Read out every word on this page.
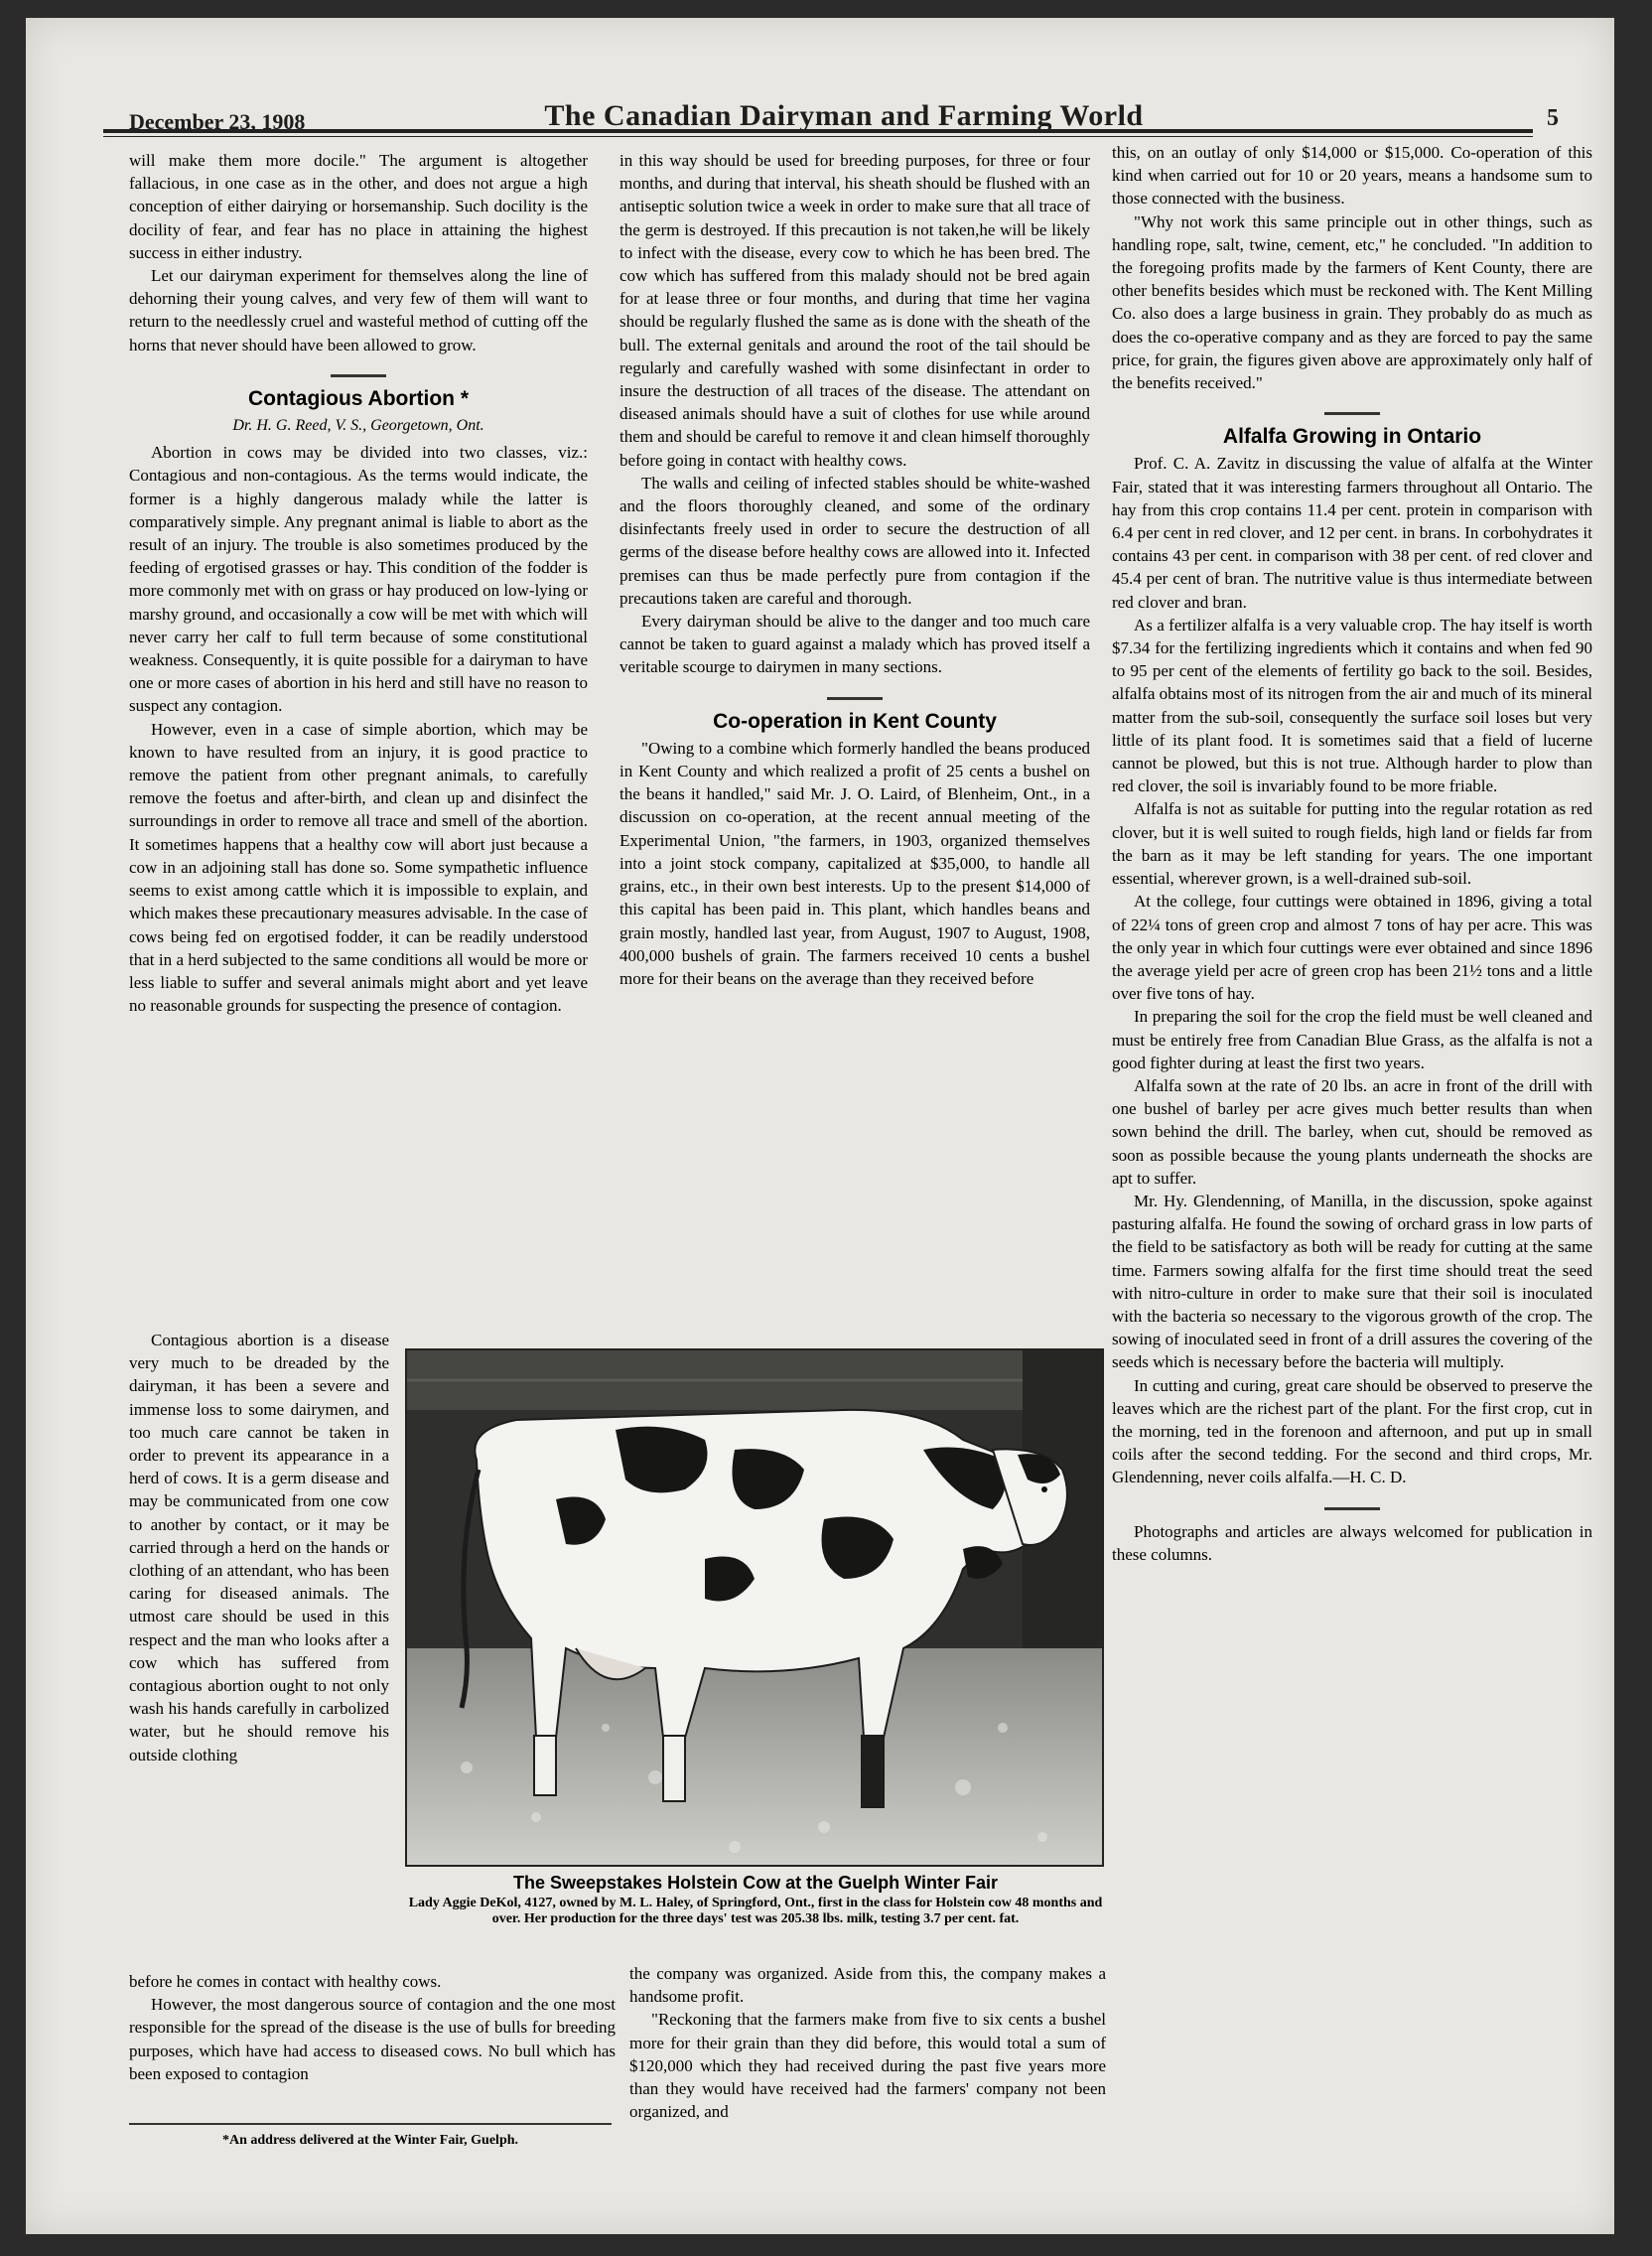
December 23, 1908	The Canadian Dairyman and Farming World	5

will make them more docile." The argument is altogether fallacious, in one case as in the other, and does not argue a high conception of either dairying or horsemanship. Such docility is the docility of fear, and fear has no place in attaining the highest success in either industry.

Let our dairyman experiment for themselves along the line of dehorning their young calves, and very few of them will want to return to the needlessly cruel and wasteful method of cutting off the horns that never should have been allowed to grow.

Contagious Abortion *

Dr. H. G. Reed, V. S., Georgetown, Ont.

Abortion in cows may be divided into two classes, viz.: Contagious and non-contagious. As the terms would indicate, the former is a highly dangerous malady while the latter is comparatively simple. Any pregnant animal is liable to abort as the result of an injury. The trouble is also sometimes produced by the feeding of ergotised grasses or hay. This condition of the fodder is more commonly met with on grass or hay produced on low-lying or marshy ground, and occasionally a cow will be met with which will never carry her calf to full term because of some constitutional weakness. Consequently, it is quite possible for a dairyman to have one or more cases of abortion in his herd and still have no reason to suspect any contagion.

However, even in a case of simple abortion, which may be known to have resulted from an injury, it is good practice to remove the patient from other pregnant animals, to carefully remove the foetus and after-birth, and clean up and disinfect the surroundings in order to remove all trace and smell of the abortion. It sometimes happens that a healthy cow will abort just because a cow in an adjoining stall has done so. Some sympathetic influence seems to exist among cattle which it is impossible to explain, and which makes these precautionary measures advisable. In the case of cows being fed on ergotised fodder, it can be readily understood that in a herd subjected to the same conditions all would be more or less liable to suffer and several animals might abort and yet leave no reasonable grounds for suspecting the presence of contagion.

Contagious abortion is a disease very much to be dreaded by the dairyman, it has been a severe and immense loss to some dairymen, and too much care cannot be taken in order to prevent its appearance in a herd of cows. It is a germ disease and may be communicated from one cow to another by contact, or it may be carried through a herd on the hands or clothing of an attendant, who has been caring for diseased animals. The utmost care should be used in this respect and the man who looks after a cow which has suffered from contagious abortion ought to not only wash his hands carefully in carbolized water, but he should remove his outside clothing

before he comes in contact with healthy cows.

However, the most dangerous source of contagion and the one most responsible for the spread of the disease is the use of bulls for breeding purposes, which have had access to diseased cows. No bull which has been exposed to contagion

*An address delivered at the Winter Fair, Guelph.

in this way should be used for breeding purposes, for three or four months, and during that interval, his sheath should be flushed with an antiseptic solution twice a week in order to make sure that all trace of the germ is destroyed. If this precaution is not taken,he will be likely to infect with the disease, every cow to which he has been bred. The cow which has suffered from this malady should not be bred again for at lease three or four months, and during that time her vagina should be regularly flushed the same as is done with the sheath of the bull. The external genitals and around the root of the tail should be regularly and carefully washed with some disinfectant in order to insure the destruction of all traces of the disease. The attendant on diseased animals should have a suit of clothes for use while around them and should be careful to remove it and clean himself thoroughly before going in contact with healthy cows.

The walls and ceiling of infected stables should be white-washed and the floors thoroughly cleaned, and some of the ordinary disinfectants freely used in order to secure the destruction of all germs of the disease before healthy cows are allowed into it. Infected premises can thus be made perfectly pure from contagion if the precautions taken are careful and thorough.

Every dairyman should be alive to the danger and too much care cannot be taken to guard against a malady which has proved itself a veritable scourge to dairymen in many sections.

Co-operation in Kent County

"Owing to a combine which formerly handled the beans produced in Kent County and which realized a profit of 25 cents a bushel on the beans it handled," said Mr. J. O. Laird, of Blenheim, Ont., in a discussion on co-operation, at the recent annual meeting of the Experimental Union, "the farmers, in 1903, organized themselves into a joint stock company, capitalized at $35,000, to handle all grains, etc., in their own best interests. Up to the present $14,000 of this capital has been paid in. This plant, which handles beans and grain mostly, handled last year, from August, 1907 to August, 1908, 400,000 bushels of grain. The farmers received 10 cents a bushel more for their beans on the average than they received before

the company was organized. Aside from this, the company makes a handsome profit.

"Reckoning that the farmers make from five to six cents a bushel more for their grain than they did before, this would total a sum of $120,000 which they had received during the past five years more than they would have received had the farmers' company not been organized, and

this, on an outlay of only $14,000 or $15,000. Co-operation of this kind when carried out for 10 or 20 years, means a handsome sum to those connected with the business.

"Why not work this same principle out in other things, such as handling rope, salt, twine, cement, etc," he concluded. "In addition to the foregoing profits made by the farmers of Kent County, there are other benefits besides which must be reckoned with. The Kent Milling Co. also does a large business in grain. They probably do as much as does the co-operative company and as they are forced to pay the same price, for grain, the figures given above are approximately only half of the benefits received."

Alfalfa Growing in Ontario

Prof. C. A. Zavitz in discussing the value of alfalfa at the Winter Fair, stated that it was interesting farmers throughout all Ontario. The hay from this crop contains 11.4 per cent. protein in comparison with 6.4 per cent in red clover, and 12 per cent. in brans. In corbohydrates it contains 43 per cent. in comparison with 38 per cent. of red clover and 45.4 per cent of bran. The nutritive value is thus intermediate between red clover and bran.

As a fertilizer alfalfa is a very valuable crop. The hay itself is worth $7.34 for the fertilizing ingredients which it contains and when fed 90 to 95 per cent of the elements of fertility go back to the soil. Besides, alfalfa obtains most of its nitrogen from the air and much of its mineral matter from the sub-soil, consequently the surface soil loses but very little of its plant food. It is sometimes said that a field of lucerne cannot be plowed, but this is not true. Although harder to plow than red clover, the soil is invariably found to be more friable.

Alfalfa is not as suitable for putting into the regular rotation as red clover, but it is well suited to rough fields, high land or fields far from the barn as it may be left standing for years. The one important essential, wherever grown, is a well-drained sub-soil.

At the college, four cuttings were obtained in 1896, giving a total of 22¼ tons of green crop and almost 7 tons of hay per acre. This was the only year in which four cuttings were ever obtained and since 1896 the average yield per acre of green crop has been 21½ tons and a little over five tons of hay.

In preparing the soil for the crop the field must be well cleaned and must be entirely free from Canadian Blue Grass, as the alfalfa is not a good fighter during at least the first two years.

Alfalfa sown at the rate of 20 lbs. an acre in front of the drill with one bushel of barley per acre gives much better results than when sown behind the drill. The barley, when cut, should be removed as soon as possible because the young plants underneath the shocks are apt to suffer.

Mr. Hy. Glendenning, of Manilla, in the discussion, spoke against pasturing alfalfa. He found the sowing of orchard grass in low parts of the field to be satisfactory as both will be ready for cutting at the same time. Farmers sowing alfalfa for the first time should treat the seed with nitro-culture in order to make sure that their soil is inoculated with the bacteria so necessary to the vigorous growth of the crop. The sowing of inoculated seed in front of a drill assures the covering of the seeds which is necessary before the bacteria will multiply.

In cutting and curing, great care should be observed to preserve the leaves which are the richest part of the plant. For the first crop, cut in the morning, ted in the forenoon and afternoon, and put up in small coils after the second tedding. For the second and third crops, Mr. Glendenning, never coils alfalfa.—H. C. D.

Photographs and articles are always welcomed for publication in these columns.

The Sweepstakes Holstein Cow at the Guelph Winter Fair
Lady Aggie DeKol, 4127, owned by M. L. Haley, of Springford, Ont., first in the class for Holstein cow 48 months and over. Her production for the three days' test was 205.38 lbs. milk, testing 3.7 per cent. fat.
